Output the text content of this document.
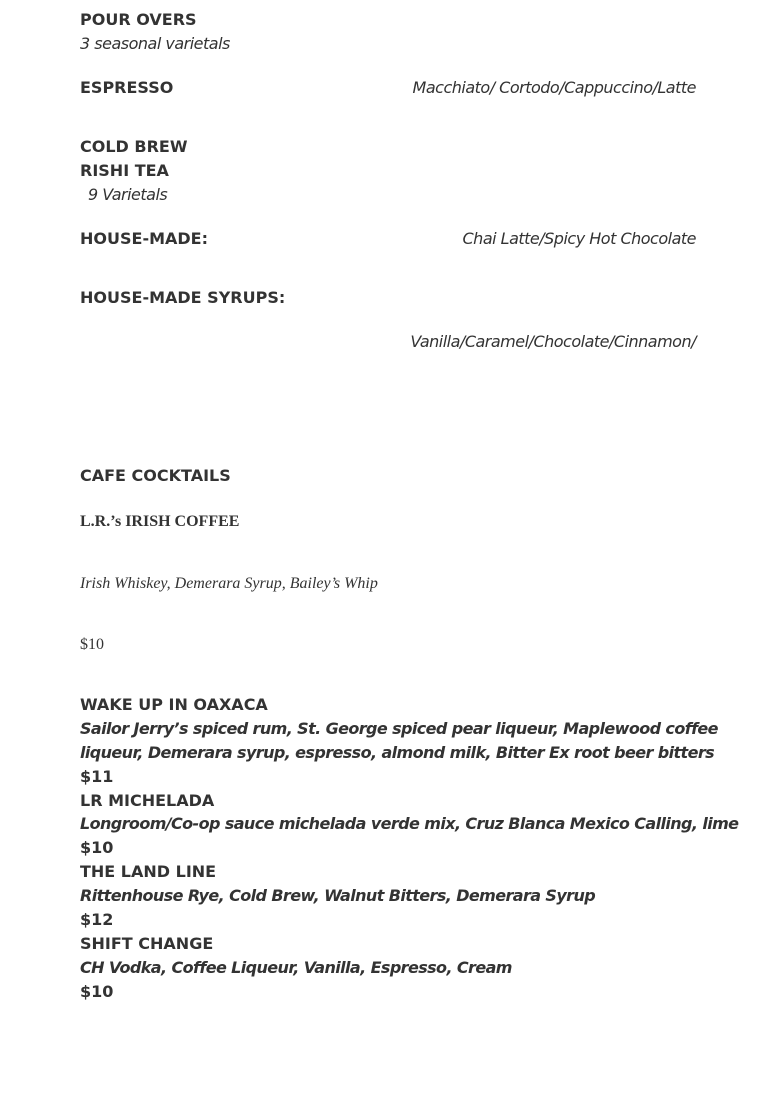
POUR OVERS
3 seasonal varietals
ESPRESSO	Macchiato/ Cortodo/Cappuccino/Latte
COLD BREW
RISHI TEA
9 Varietals
HOUSE-MADE:	Chai Latte/Spicy Hot Chocolate
HOUSE-MADE SYRUPS:
Vanilla/Caramel/Chocolate/Cinnamon/
CAFE COCKTAILS
L.R.’s IRISH COFFEE
Irish Whiskey, Demerara Syrup, Bailey’s Whip
$10
WAKE UP IN OAXACA
Sailor Jerry’s spiced rum, St. George spiced pear liqueur, Maplewood coffee
liqueur, Demerara syrup, espresso, almond milk, Bitter Ex root beer bitters
$11
LR MICHELADA
Longroom/Co-op sauce michelada verde mix, Cruz Blanca Mexico Calling, lime
$10
THE LAND LINE
Rittenhouse Rye, Cold Brew, Walnut Bitters, Demerara Syrup
$12
SHIFT CHANGE
CH Vodka, Coffee Liqueur, Vanilla, Espresso, Cream
$10
